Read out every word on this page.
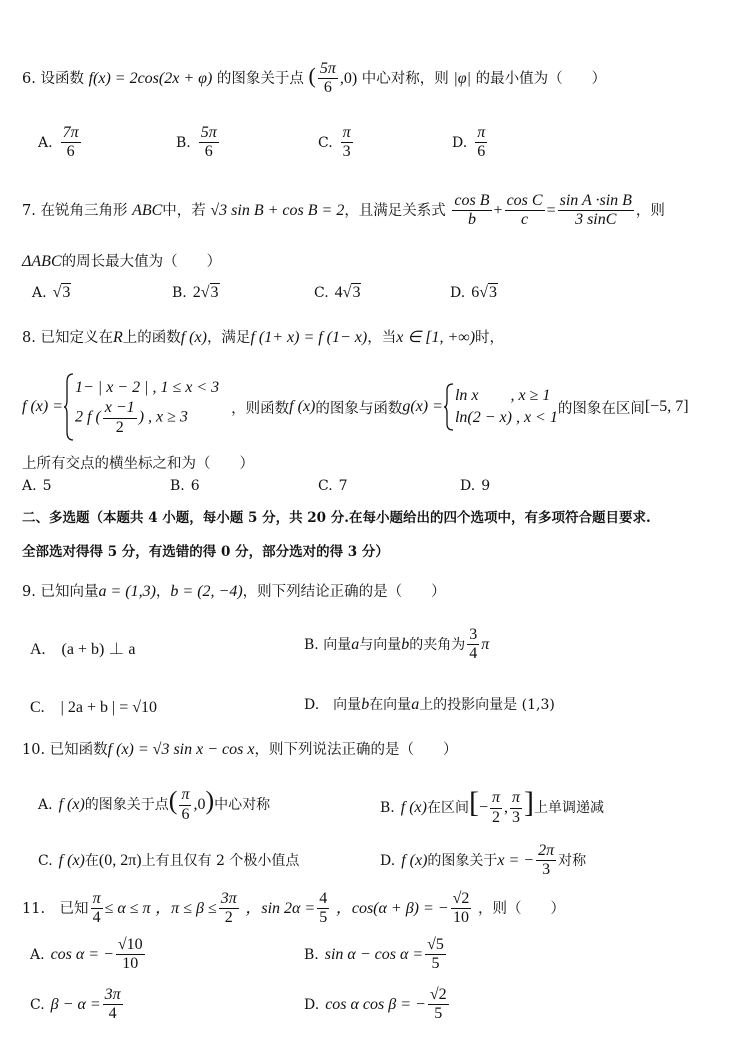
6. 设函数 f(x) = 2cos(2x + φ) 的图象关于点 ( $\frac{5\pi}{6} ,0$) 中心对称，则 |φ| 的最小值为（　　）
A. $\frac{7\pi}{6}$	B. $\frac{5\pi}{6}$	C. $\frac{\pi}{3}$	D. $\frac{\pi}{6}$
7. 在锐角三角形 ABC中，若 √3 sin B + cos B = 2，且满足关系式 $\frac{\text{cos B}}{b} + \frac{\text{cos C}}{c} = \frac{\text{sin A ·sin B}}{3 \sin C}$ ，则
ΔABC的周长最大值为（　　）
A. √3	B. 2√3	C. 4√3	D. 6√3
8. 已知定义在R上的函数f (x)，满足f (1+ x) = f (1− x)，当x ∈ [1, +∞)时，
f (x) =
1− | x − 2 | , 1 ≤ x < 3
2 f ( $\frac{x -1}{2}$ ) , x ≥ 3
，则函数 f (x) 的图象与函数 g(x) =
ln x　　, x ≥ 1
ln(2 − x) , x < 1
的图象在区间 [−5, 7]
上所有交点的横坐标之和为（　　）
A. 5	B. 6	C. 7	D. 9
二、多选题（本题共 4 小题，每小题 5 分，共 20 分.在每小题给出的四个选项中，有多项符合题目要求.
全部选对得得 5 分，有选错的得 0 分，部分选对的得 3 分）
9. 已知向量a = (1,3)，b = (2, −4)，则下列结论正确的是（　　）
A.　(a + b) ⊥ a	B. 向量a与向量b的夹角为 $\frac{3}{4}$ π
C.　| 2a + b | = √10	D.　向量b在向量a上的投影向量是 (1,3)
10. 已知函数f (x) = √3 sin x − cos x，则下列说法正确的是（　　）
A. f (x)的图象关于点( $\frac{\pi}{6} ,0$)中心对称	B. f (x)在区间[− $\frac{\pi}{2}$ , $\frac{\pi}{3}$ ]上单调递减
C. f (x)在(0, 2π)上有且仅有 2 个极小值点	D. f (x)的图象关于x = − $\frac{2\pi}{3}$ 对称
11.　已知 $\frac{\pi}{4} \le \alpha \le \pi$ ，$\pi \le \beta \le \frac{3\pi}{2}$ ，$\sin 2\alpha = \frac{4}{5}$ ，cos(α + β) = − $\frac{√2}{10}$ ，则（　　）
A. cos α = − $\frac{√10}{10}$	B. $\sin \alpha - \cos \alpha = \frac{√5}{5}$
C. $\beta - \alpha = \frac{3\pi}{4}$	D. cos α cos β = − $\frac{√2}{5}$
